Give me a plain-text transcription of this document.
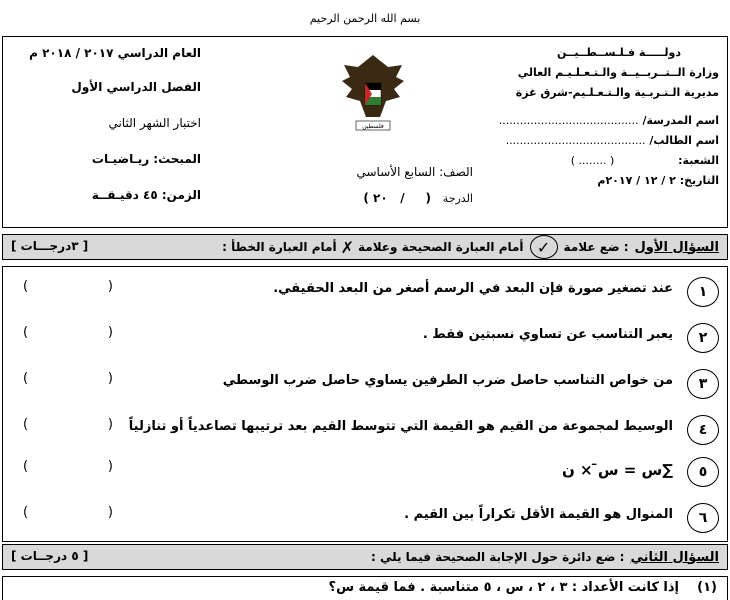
بسم الله الرحمن الرحيم
دولـــــة فـلـســطــيــن
وزارة الــتــربــيــة والـتـعـلـيـم العالي
مديرية الـتـربـية والـتـعـلـيم-شرق غزة
اسم المدرسة/ ........................................
اسم الطالب/ ........................................
الشعبة: ( ........ )
التاريخ: ٢ / ١٢ / ٢٠١٧م
فلسطين
الصف: السابع الأساسي
الدرجة (     /   ٢٠ )
العام الدراسي ٢٠١٧ / ٢٠١٨ م
الفصل الدراسي الأول
اختبار الشهر الثاني
المبحث: ريـاضيـات
الزمن: ٤٥ دقيـقــة
السؤال الأول
: ضع علامة
✓
أمام العبارة الصحيحة وعلامة
✗
أمام العبارة الخطأ :
[ ٣درجـــات ]
١
عند تصغير صورة فإن البعد في الرسم أصغر من البعد الحقيقي.
(	)
٢
يعبر التناسب عن تساوي نسبتين فقط .
(	)
٣
من خواص التناسب حاصل ضرب الطرفين يساوي حاصل ضرب الوسطي
(	)
٤
الوسيط لمجموعة من القيم هو القيمة التي تتوسط القيم بعد ترتيبها تصاعدياً أو تنازلياً
(	)
٥
∑س = س̄ × ن
(	)
٦
المنوال هو القيمة الأقل تكراراً بين القيم .
(	)
السؤال الثاني
: ضع دائرة حول الإجابة الصحيحة فيما يلي :
[ ٥ درجــات ]
(١)
إذا كانت الأعداد : ٣ ، ٢ ، س ، ٥ متناسبة . فما قيمة س؟
